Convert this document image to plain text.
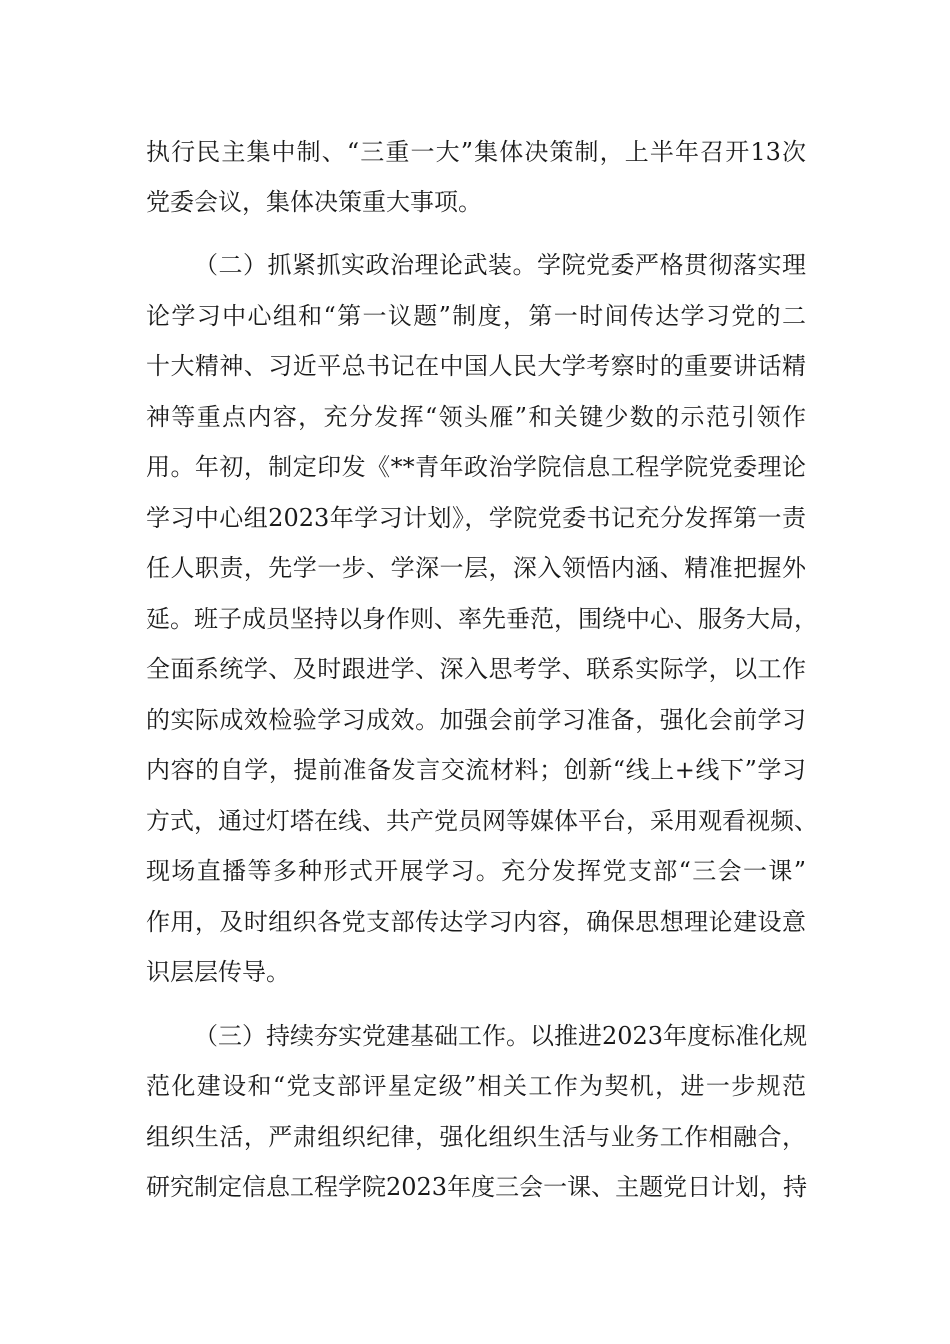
执行民主集中制、“三重一大”集体决策制，上半年召开13次
党委会议，集体决策重大事项。
（二）抓紧抓实政治理论武装。学院党委严格贯彻落实理
论学习中心组和“第一议题”制度，第一时间传达学习党的二
十大精神、习近平总书记在中国人民大学考察时的重要讲话精
神等重点内容，充分发挥“领头雁”和关键少数的示范引领作
用。年初，制定印发《**青年政治学院信息工程学院党委理论
学习中心组2023年学习计划》，学院党委书记充分发挥第一责
任人职责，先学一步、学深一层，深入领悟内涵、精准把握外
延。班子成员坚持以身作则、率先垂范，围绕中心、服务大局，
全面系统学、及时跟进学、深入思考学、联系实际学，以工作
的实际成效检验学习成效。加强会前学习准备，强化会前学习
内容的自学，提前准备发言交流材料；创新“线上+线下”学习
方式，通过灯塔在线、共产党员网等媒体平台，采用观看视频、
现场直播等多种形式开展学习。充分发挥党支部“三会一课”
作用，及时组织各党支部传达学习内容，确保思想理论建设意
识层层传导。
（三）持续夯实党建基础工作。以推进2023年度标准化规
范化建设和“党支部评星定级”相关工作为契机，进一步规范
组织生活，严肃组织纪律，强化组织生活与业务工作相融合，
研究制定信息工程学院2023年度三会一课、主题党日计划，持
